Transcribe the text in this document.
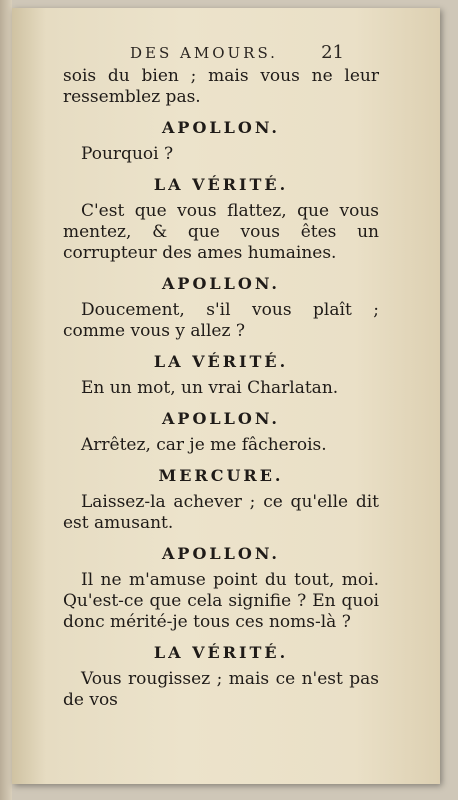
DES AMOURS.	21

sois du bien ; mais vous ne leur ressemblez pas.

APOLLON.

Pourquoi ?

LA VÉRITÉ.

C'est que vous flattez, que vous mentez, & que vous êtes un corrupteur des ames humaines.

APOLLON.

Doucement, s'il vous plaît ; comme vous y allez ?

LA VÉRITÉ.

En un mot, un vrai Charlatan.

APOLLON.

Arrêtez, car je me fâcherois.

MERCURE.

Laissez-la achever ; ce qu'elle dit est amusant.

APOLLON.

Il ne m'amuse point du tout, moi. Qu'est-ce que cela signifie ? En quoi donc mérité-je tous ces noms-là ?

LA VÉRITÉ.

Vous rougissez ; mais ce n'est pas de vos
